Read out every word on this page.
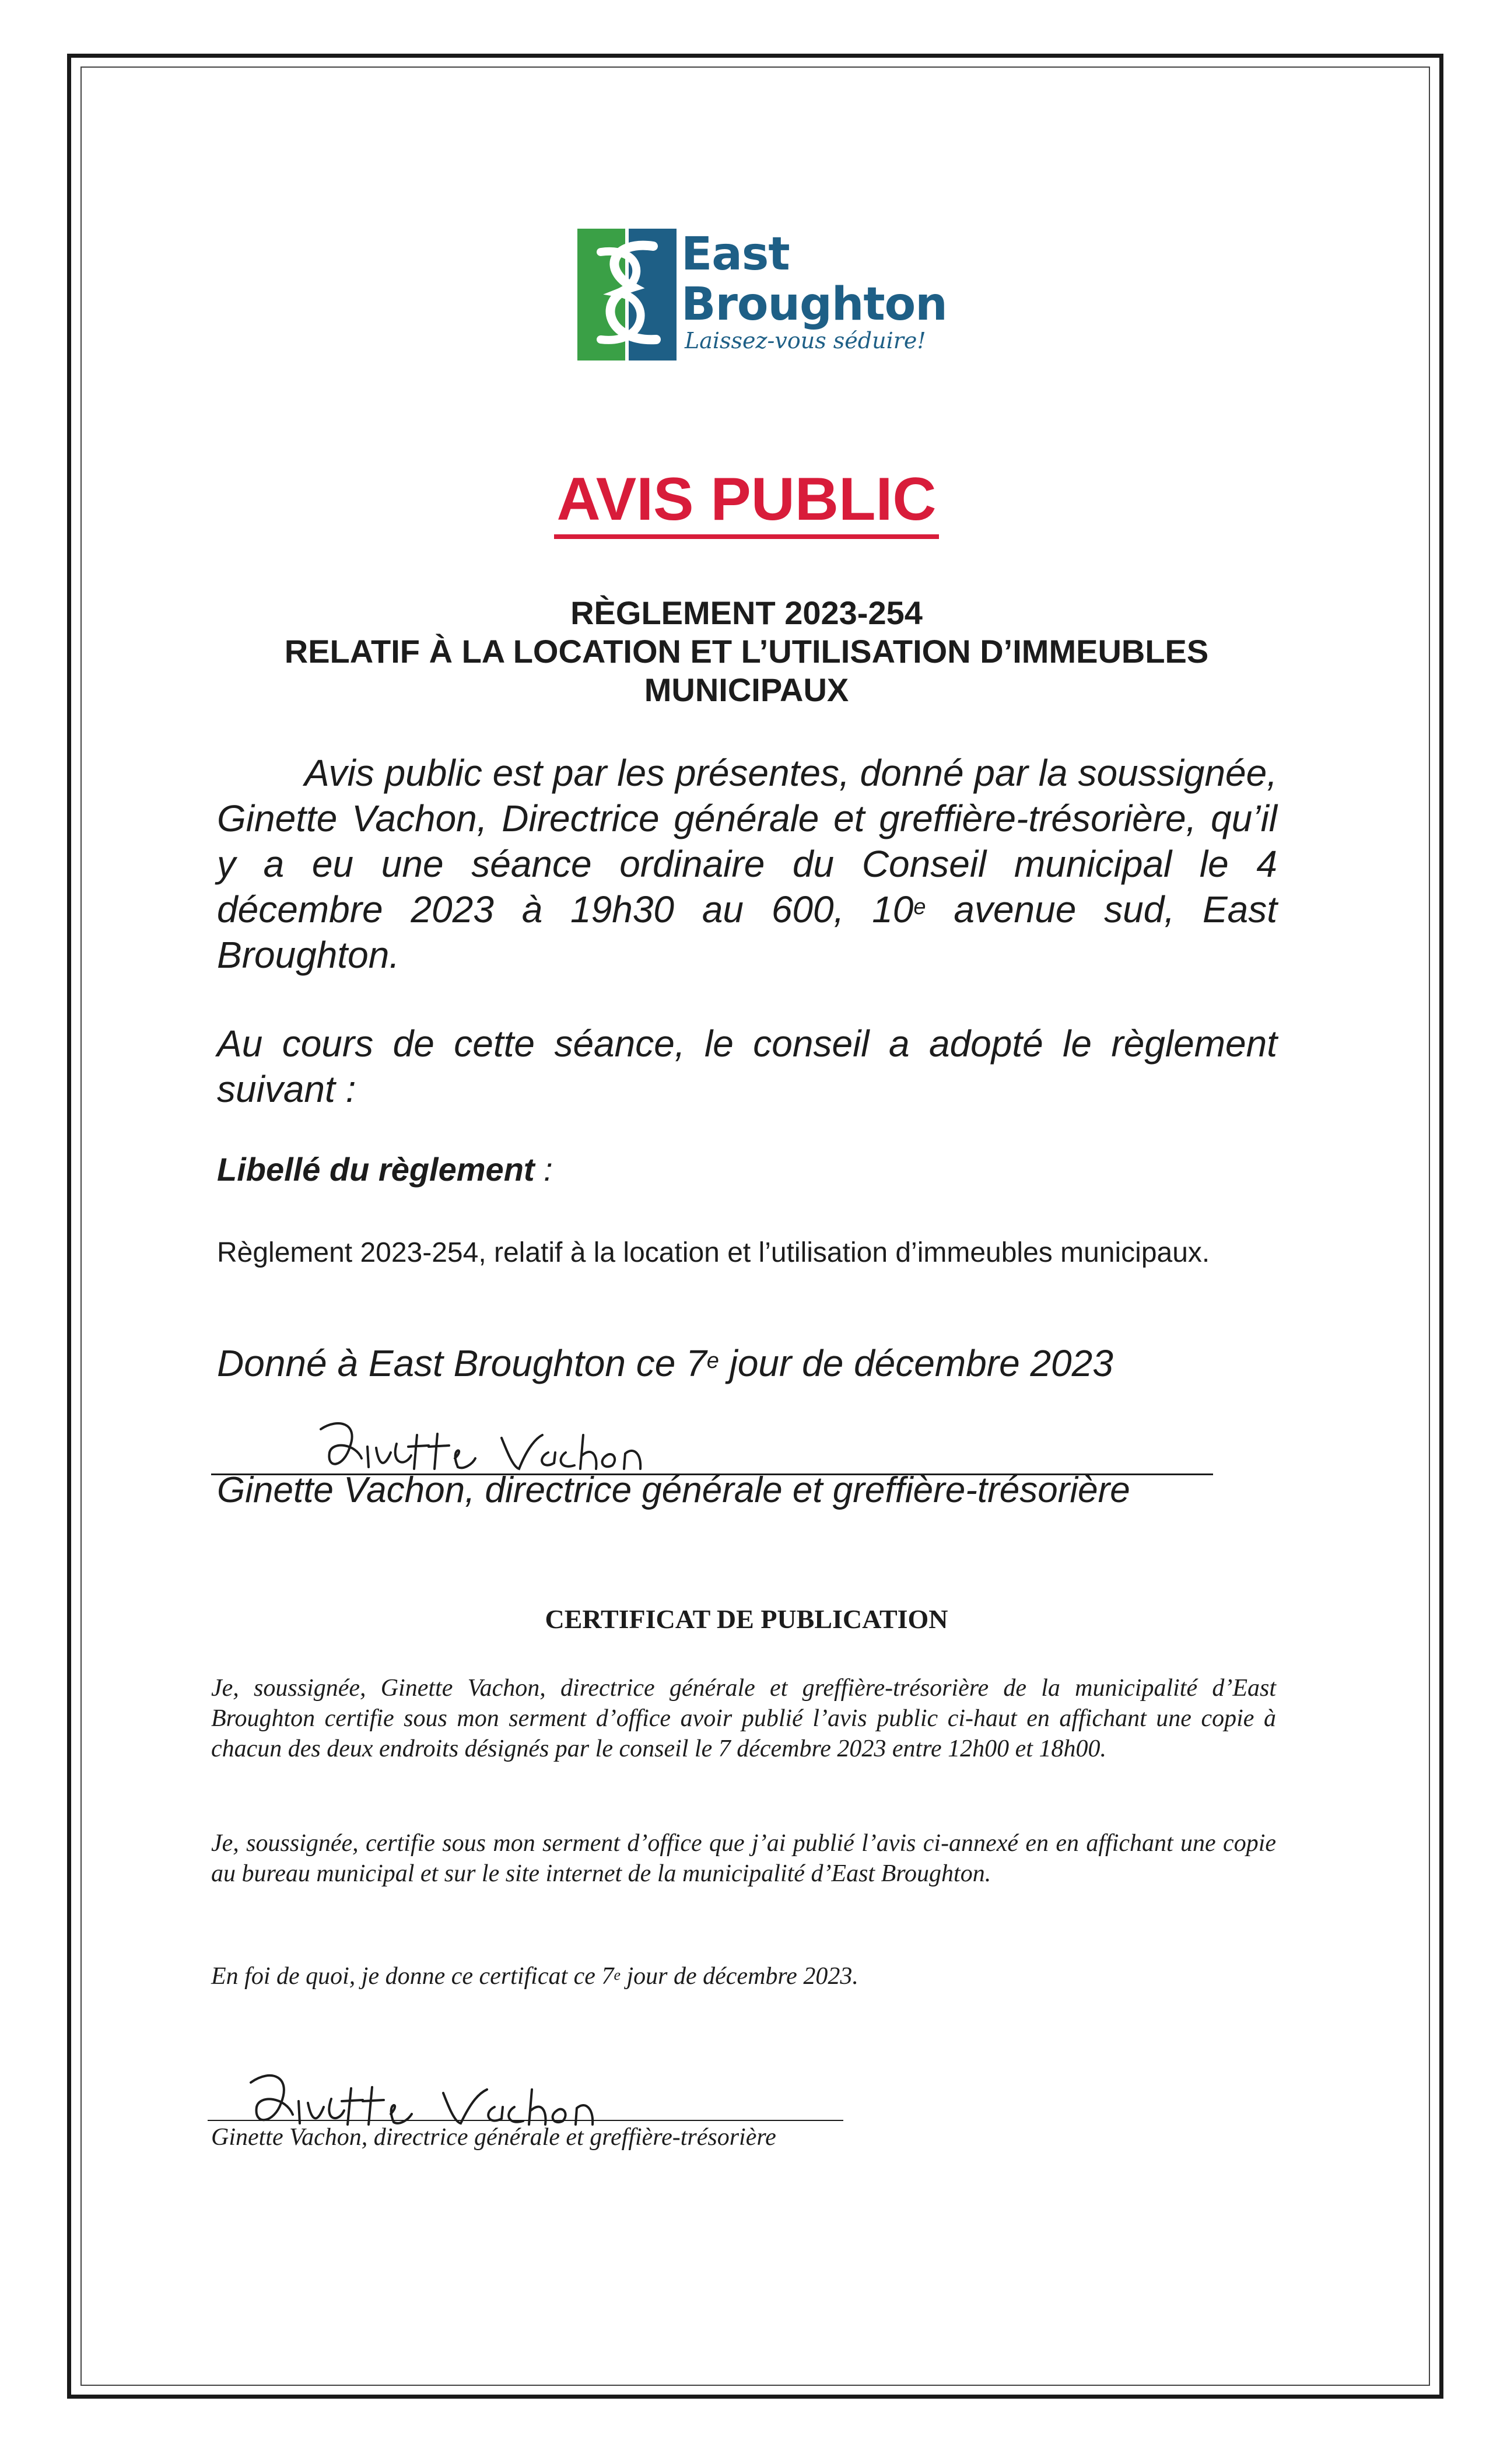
East
Broughton
Laissez-vous séduire!
AVIS PUBLIC
RÈGLEMENT 2023-254
RELATIF À LA LOCATION ET L’UTILISATION D’IMMEUBLES
MUNICIPAUX
Avis public est par les présentes, donné par la soussignée, Ginette Vachon, Directrice générale et greffière-trésorière, qu’il y a eu une séance ordinaire du Conseil municipal le 4 décembre 2023 à 19h30 au 600, 10e avenue sud, East Broughton.
Au cours de cette séance, le conseil a adopté le règlement suivant :
Libellé du règlement :
Règlement 2023-254, relatif à la location et l’utilisation d’immeubles municipaux.
Donné à East Broughton ce 7e jour de décembre 2023
Ginette Vachon, directrice générale et greffière-trésorière
CERTIFICAT DE PUBLICATION
Je, soussignée, Ginette Vachon, directrice générale et greffière-trésorière de la municipalité d’East Broughton certifie sous mon serment d’office avoir publié l’avis public ci-haut en affichant une copie à chacun des deux endroits désignés par le conseil le 7 décembre 2023 entre 12h00 et 18h00.
Je, soussignée, certifie sous mon serment d’office que j’ai publié l’avis ci-annexé en en affichant une copie au bureau municipal et sur le site internet de la municipalité d’East Broughton.
En foi de quoi, je donne ce certificat ce 7e jour de décembre 2023.
Ginette Vachon, directrice générale et greffière-trésorière
